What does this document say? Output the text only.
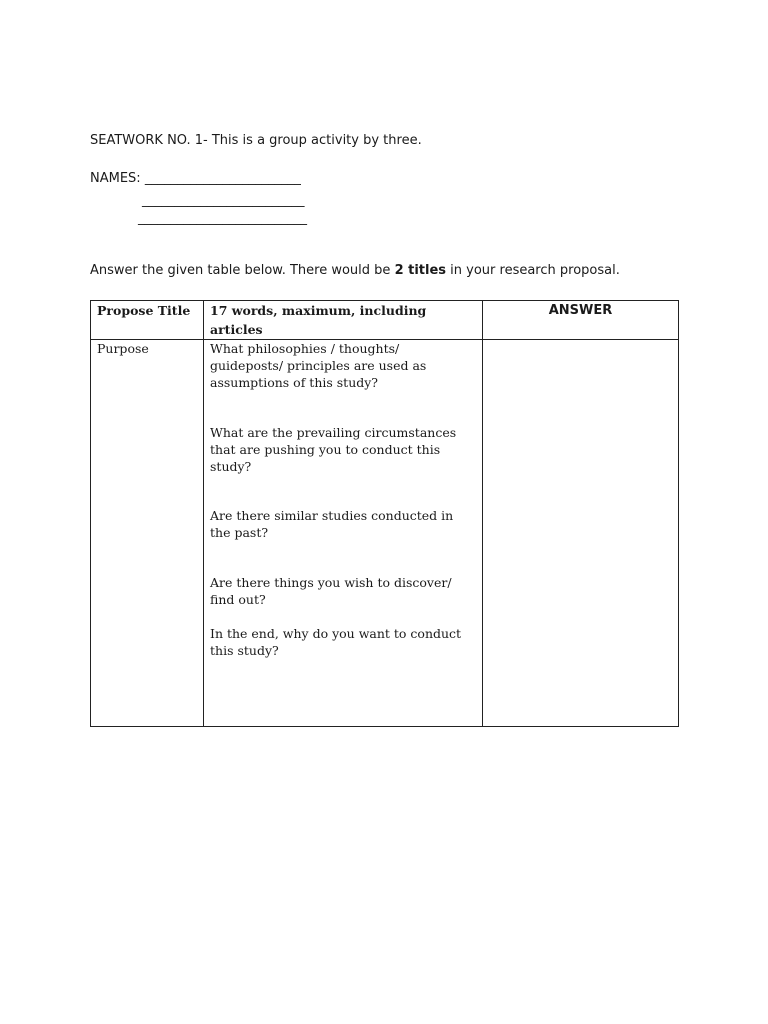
SEATWORK NO. 1- This is a group activity by three.
NAMES: ________________________
_________________________
__________________________
Answer the given table below. There would be 2 titles in your research proposal.
Propose Title	17 words, maximum, including articles	ANSWER
Purpose	What philosophies / thoughts/ guideposts/ principles are used as assumptions of this study?

What are the prevailing circumstances that are pushing you to conduct this study?

Are there similar studies conducted in the past?

Are there things you wish to discover/ find out?

In the end, why do you want to conduct this study?	
